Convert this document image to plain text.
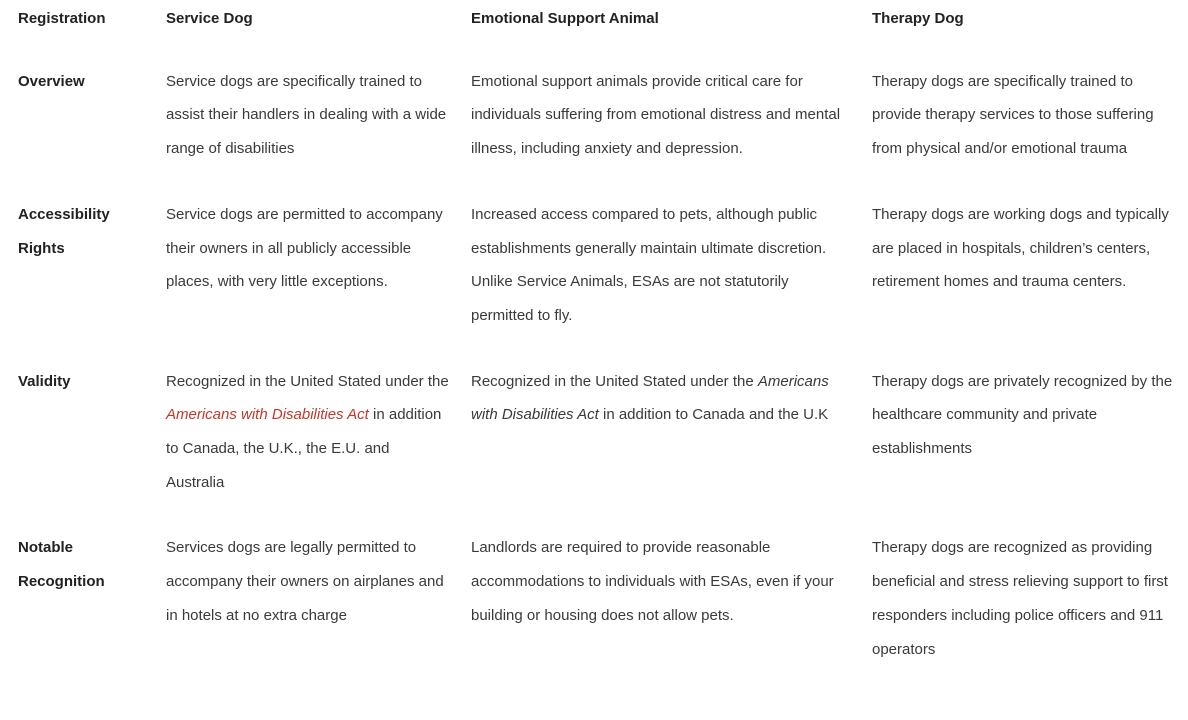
Registration	Service Dog	Emotional Support Animal	Therapy Dog
Overview	Service dogs are specifically trained to assist their handlers in dealing with a wide range of disabilities	Emotional support animals provide critical care for individuals suffering from emotional distress and mental illness, including anxiety and depression.	Therapy dogs are specifically trained to provide therapy services to those suffering from physical and/or emotional trauma
Accessibility Rights	Service dogs are permitted to accompany their owners in all publicly accessible places, with very little exceptions.	Increased access compared to pets, although public establishments generally maintain ultimate discretion. Unlike Service Animals, ESAs are not statutorily permitted to fly.	Therapy dogs are working dogs and typically are placed in hospitals, children’s centers, retirement homes and trauma centers.
Validity	Recognized in the United Stated under the Americans with Disabilities Act in addition to Canada, the U.K., the E.U. and Australia	Recognized in the United Stated under the Americans with Disabilities Act in addition to Canada and the U.K	Therapy dogs are privately recognized by the healthcare community and private establishments
Notable Recognition	Services dogs are legally permitted to accompany their owners on airplanes and in hotels at no extra charge	Landlords are required to provide reasonable accommodations to individuals with ESAs, even if your building or housing does not allow pets.	Therapy dogs are recognized as providing beneficial and stress relieving support to first responders including police officers and 911 operators
